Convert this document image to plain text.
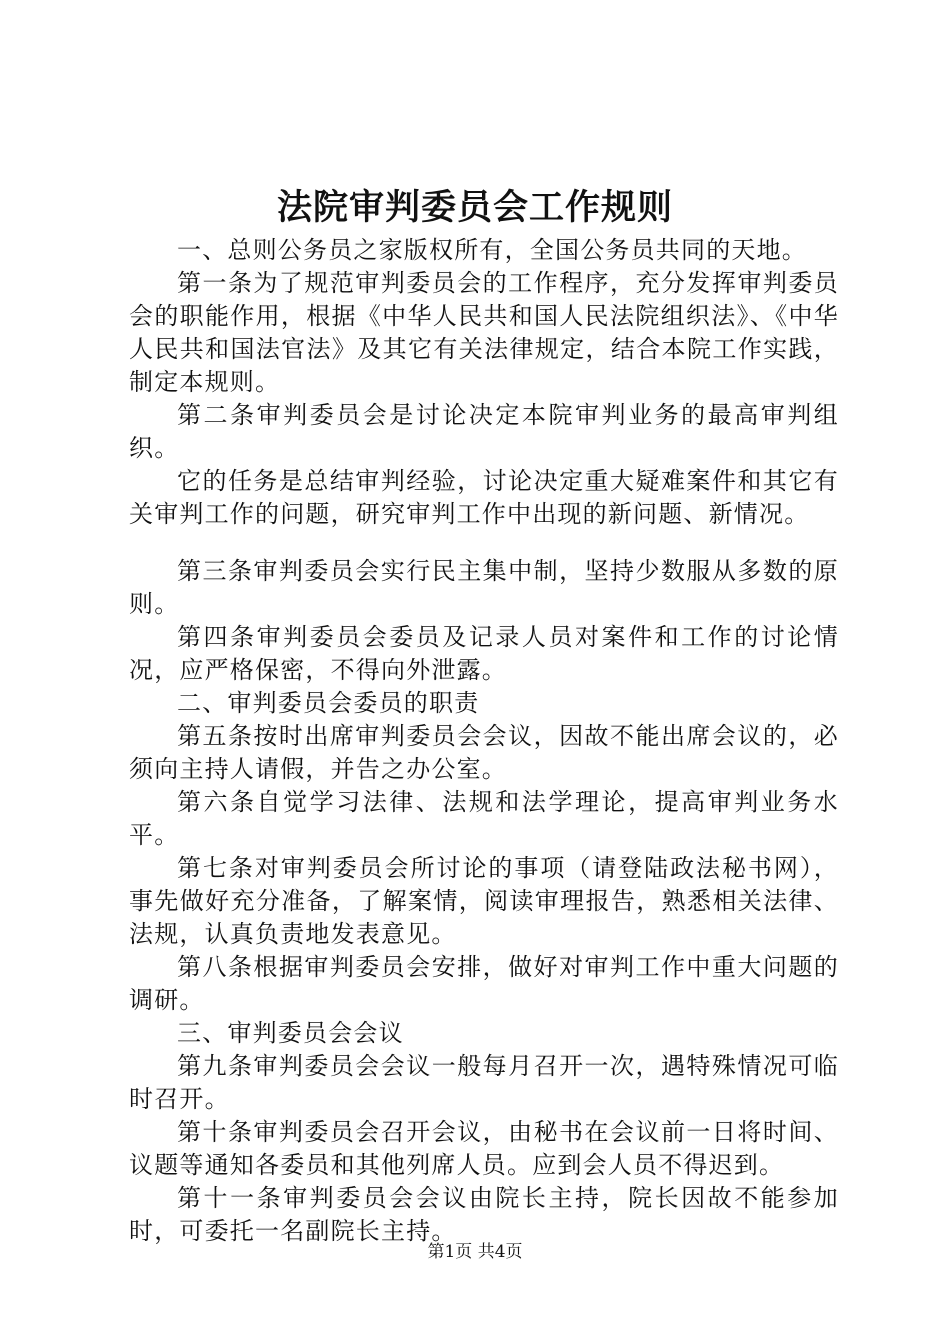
法院审判委员会工作规则

一、总则公务员之家版权所有，全国公务员共同的天地。

第一条为了规范审判委员会的工作程序，充分发挥审判委员会的职能作用，根据《中华人民共和国人民法院组织法》、《中华人民共和国法官法》及其它有关法律规定，结合本院工作实践，制定本规则。

第二条审判委员会是讨论决定本院审判业务的最高审判组织。

它的任务是总结审判经验，讨论决定重大疑难案件和其它有关审判工作的问题，研究审判工作中出现的新问题、新情况。

第三条审判委员会实行民主集中制，坚持少数服从多数的原则。

第四条审判委员会委员及记录人员对案件和工作的讨论情况，应严格保密，不得向外泄露。

二、审判委员会委员的职责

第五条按时出席审判委员会会议，因故不能出席会议的，必须向主持人请假，并告之办公室。

第六条自觉学习法律、法规和法学理论，提高审判业务水平。

第七条对审判委员会所讨论的事项（请登陆政法秘书网），事先做好充分准备，了解案情，阅读审理报告，熟悉相关法律、法规，认真负责地发表意见。

第八条根据审判委员会安排，做好对审判工作中重大问题的调研。

三、审判委员会会议

第九条审判委员会会议一般每月召开一次，遇特殊情况可临时召开。

第十条审判委员会召开会议，由秘书在会议前一日将时间、议题等通知各委员和其他列席人员。应到会人员不得迟到。

第十一条审判委员会会议由院长主持，院长因故不能参加时，可委托一名副院长主持。

第1页 共4页
